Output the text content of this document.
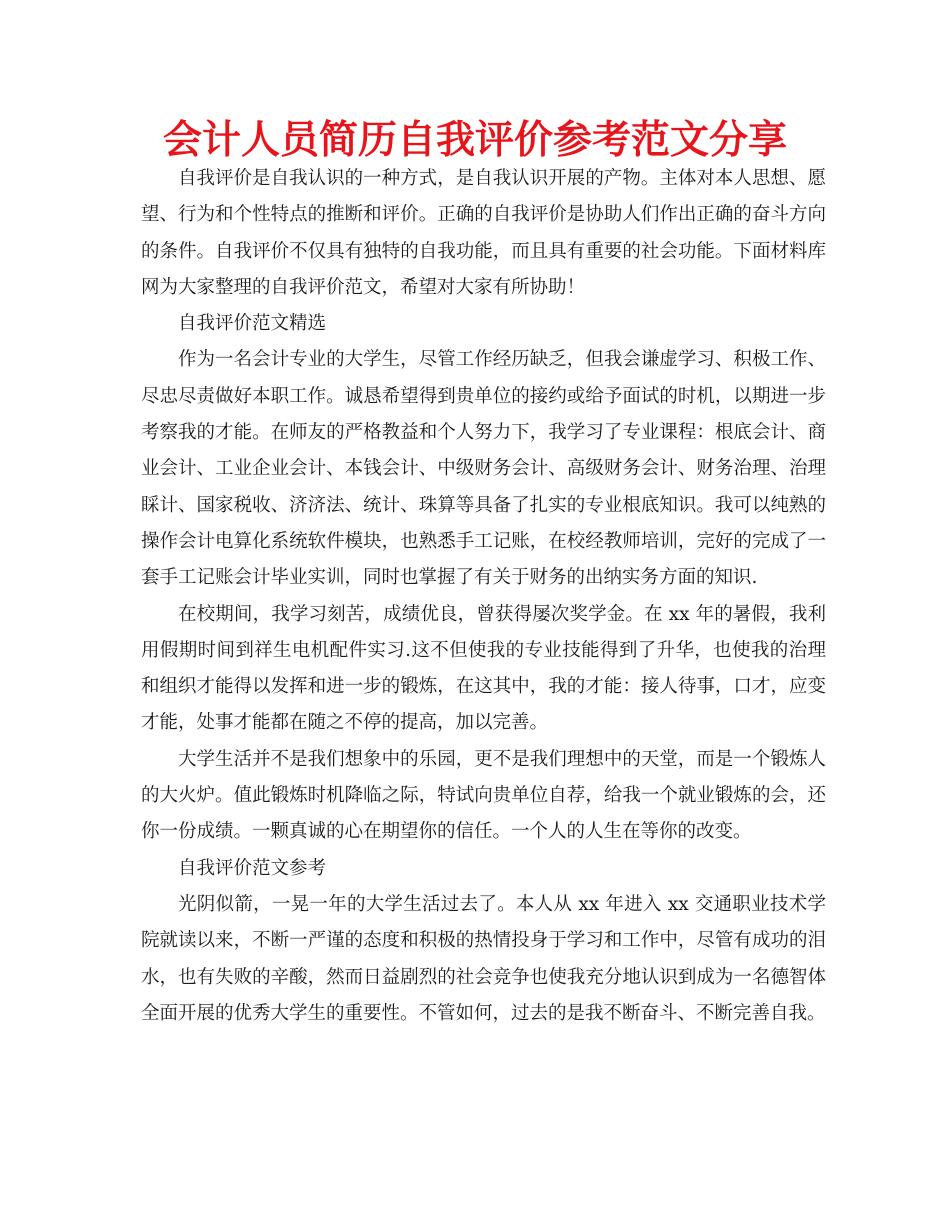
会计人员简历自我评价参考范文分享

自我评价是自我认识的一种方式，是自我认识开展的产物。主体对本人思想、愿望、行为和个性特点的推断和评价。正确的自我评价是协助人们作出正确的奋斗方向的条件。自我评价不仅具有独特的自我功能，而且具有重要的社会功能。下面材料库网为大家整理的自我评价范文，希望对大家有所协助！

自我评价范文精选

作为一名会计专业的大学生，尽管工作经历缺乏，但我会谦虚学习、积极工作、尽忠尽责做好本职工作。诚恳希望得到贵单位的接约或给予面试的时机，以期进一步考察我的才能。在师友的严格教益和个人努力下，我学习了专业课程：根底会计、商业会计、工业企业会计、本钱会计、中级财务会计、高级财务会计、财务治理、治理睬计、国家税收、济济法、统计、珠算等具备了扎实的专业根底知识。我可以纯熟的操作会计电算化系统软件模块，也熟悉手工记账，在校经教师培训，完好的完成了一套手工记账会计毕业实训，同时也掌握了有关于财务的出纳实务方面的知识.

在校期间，我学习刻苦，成绩优良，曾获得屡次奖学金。在 xx 年的暑假，我利用假期时间到祥生电机配件实习.这不但使我的专业技能得到了升华，也使我的治理和组织才能得以发挥和进一步的锻炼，在这其中，我的才能：接人待事，口才，应变才能，处事才能都在随之不停的提高，加以完善。

大学生活并不是我们想象中的乐园，更不是我们理想中的天堂，而是一个锻炼人的大火炉。值此锻炼时机降临之际，特试向贵单位自荐，给我一个就业锻炼的会，还你一份成绩。一颗真诚的心在期望你的信任。一个人的人生在等你的改变。

自我评价范文参考

光阴似箭，一晃一年的大学生活过去了。本人从 xx 年进入 xx 交通职业技术学院就读以来，不断一严谨的态度和积极的热情投身于学习和工作中，尽管有成功的泪水，也有失败的辛酸，然而日益剧烈的社会竞争也使我充分地认识到成为一名德智体全面开展的优秀大学生的重要性。不管如何，过去的是我不断奋斗、不断完善自我。
